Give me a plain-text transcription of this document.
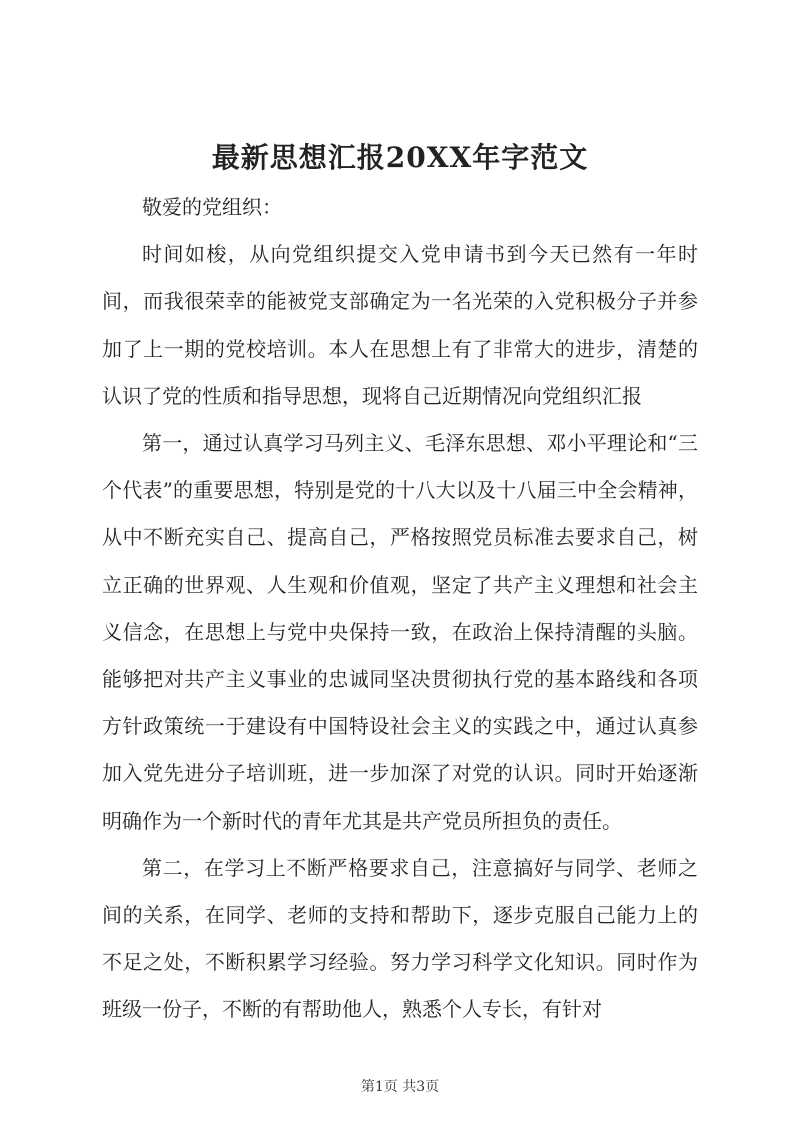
最新思想汇报20XX年字范文

敬爱的党组织：

时间如梭，从向党组织提交入党申请书到今天已然有一年时间，而我很荣幸的能被党支部确定为一名光荣的入党积极分子并参加了上一期的党校培训。本人在思想上有了非常大的进步，清楚的认识了党的性质和指导思想，现将自己近期情况向党组织汇报

第一，通过认真学习马列主义、毛泽东思想、邓小平理论和“三个代表”的重要思想，特别是党的十八大以及十八届三中全会精神，从中不断充实自己、提高自己，严格按照党员标准去要求自己，树立正确的世界观、人生观和价值观，坚定了共产主义理想和社会主义信念，在思想上与党中央保持一致，在政治上保持清醒的头脑。能够把对共产主义事业的忠诚同坚决贯彻执行党的基本路线和各项方针政策统一于建设有中国特设社会主义的实践之中，通过认真参加入党先进分子培训班，进一步加深了对党的认识。同时开始逐渐明确作为一个新时代的青年尤其是共产党员所担负的责任。

第二，在学习上不断严格要求自己，注意搞好与同学、老师之间的关系，在同学、老师的支持和帮助下，逐步克服自己能力上的不足之处，不断积累学习经验。努力学习科学文化知识。同时作为班级一份子，不断的有帮助他人，熟悉个人专长，有针对

第1页 共3页
